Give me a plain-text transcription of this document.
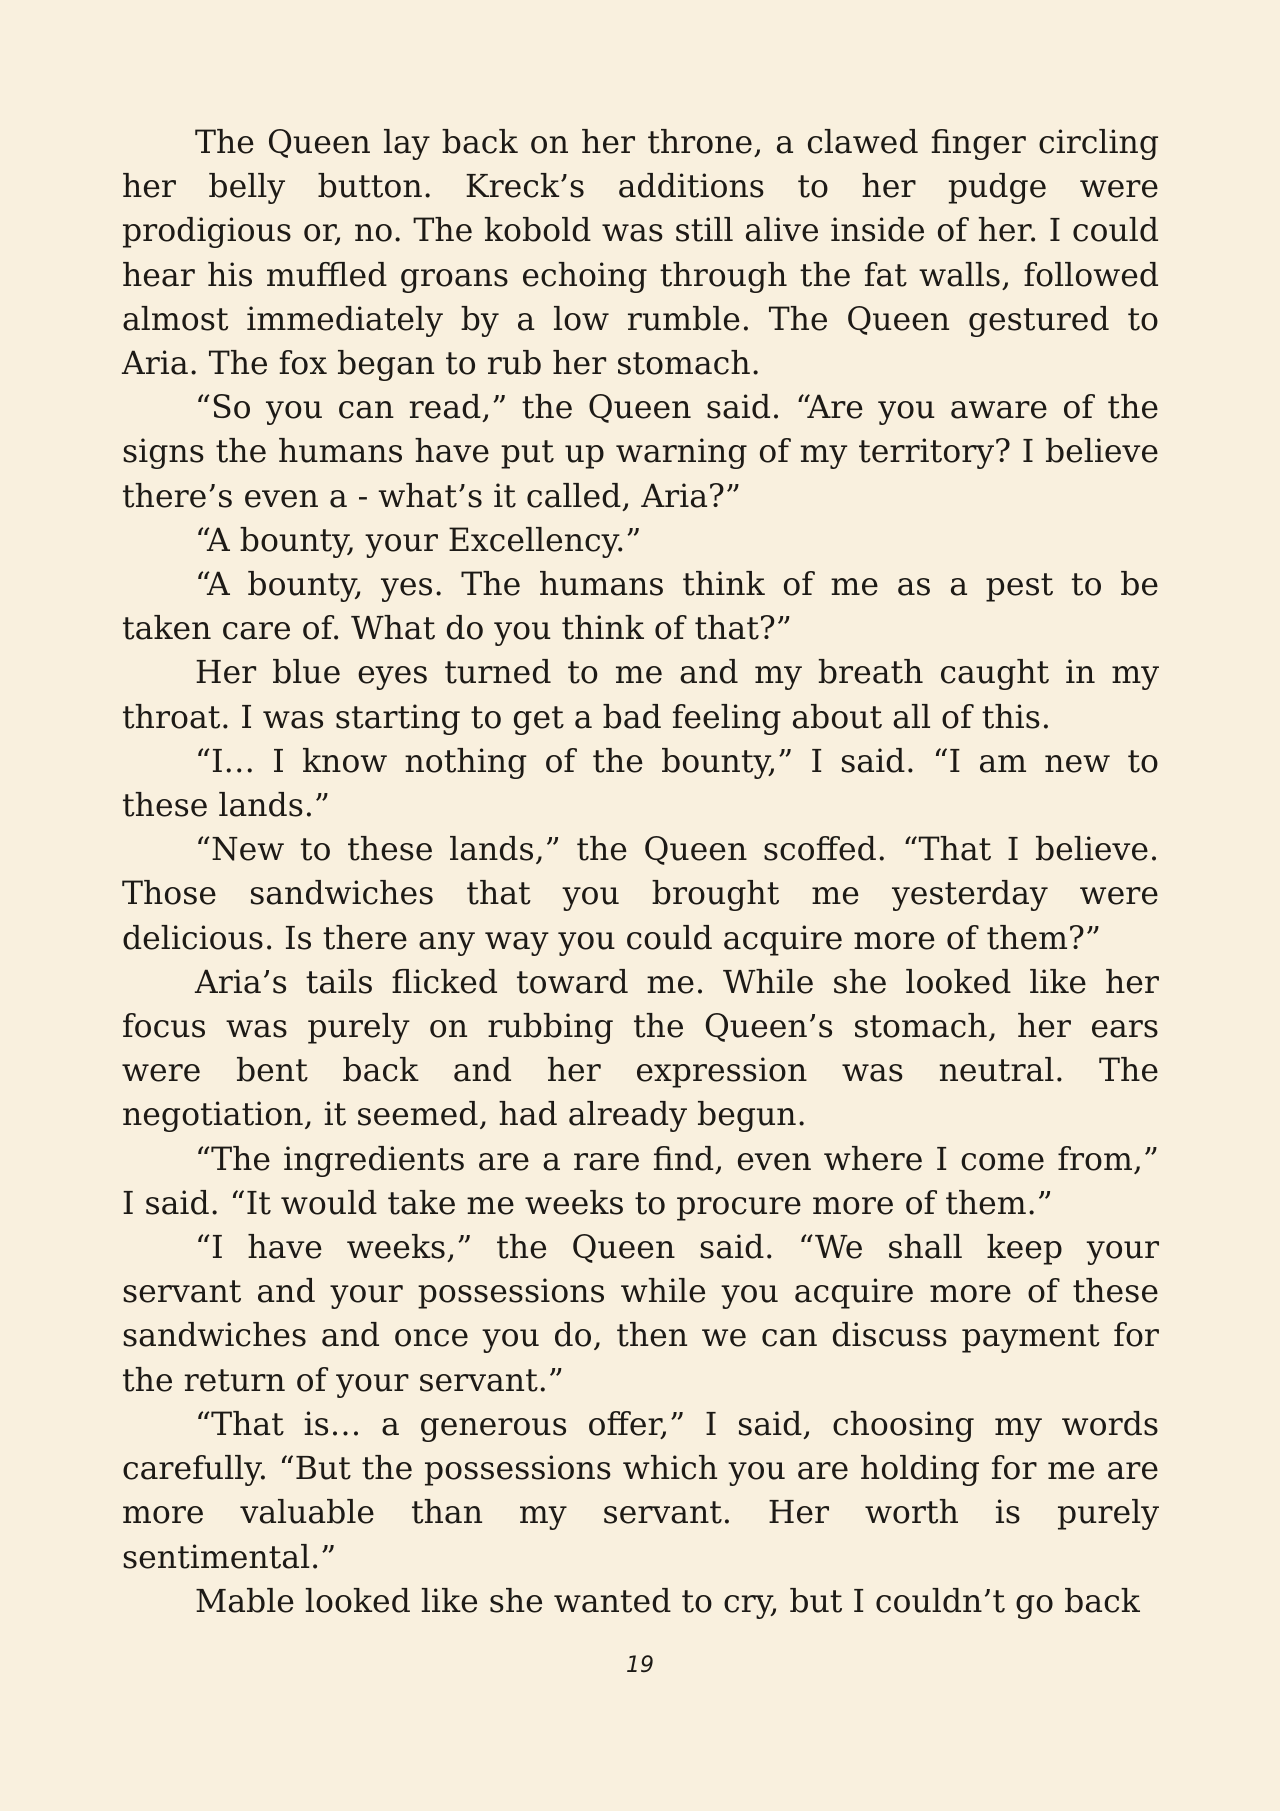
The Queen lay back on her throne, a clawed finger circling her belly button. Kreck’s additions to her pudge were prodigious or, no. The kobold was still alive inside of her. I could hear his muffled groans echoing through the fat walls, followed almost immediately by a low rumble. The Queen gestured to Aria. The fox began to rub her stomach.

“So you can read,” the Queen said. “Are you aware of the signs the humans have put up warning of my territory? I believe there’s even a - what’s it called, Aria?”

“A bounty, your Excellency.”

“A bounty, yes. The humans think of me as a pest to be taken care of. What do you think of that?”

Her blue eyes turned to me and my breath caught in my throat. I was starting to get a bad feeling about all of this.

“I… I know nothing of the bounty,” I said. “I am new to these lands.”

“New to these lands,” the Queen scoffed. “That I believe. Those sandwiches that you brought me yesterday were delicious. Is there any way you could acquire more of them?”

Aria’s tails flicked toward me. While she looked like her focus was purely on rubbing the Queen’s stomach, her ears were bent back and her expression was neutral. The negotiation, it seemed, had already begun.

“The ingredients are a rare find, even where I come from,” I said. “It would take me weeks to procure more of them.”

“I have weeks,” the Queen said. “We shall keep your servant and your possessions while you acquire more of these sandwiches and once you do, then we can discuss payment for the return of your servant.”

“That is… a generous offer,” I said, choosing my words carefully. “But the possessions which you are holding for me are more valuable than my servant. Her worth is purely sentimental.”

Mable looked like she wanted to cry, but I couldn’t go back

19
